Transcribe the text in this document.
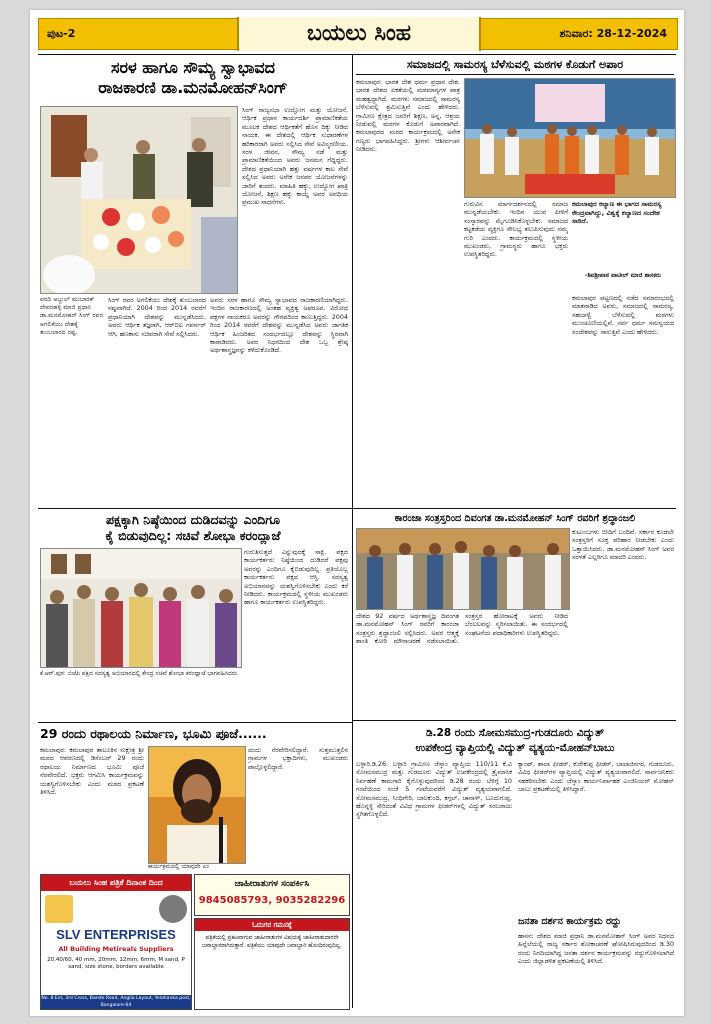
ಪುಟ-2	ಬಯಲು ಸಿಂಹ	ಶನಿವಾರ: 28-12-2024
ಸರಳ ಹಾಗೂ ಸೌಮ್ಯ ಸ್ವಾಭಾವದ
ರಾಜಕಾರಣಿ ಡಾ.ಮನಮೋಹನ್‌ಸಿಂಗ್
ಸಿಂಗ್ ರಾಜ್ಯಸಭಾ ಉದ್ಘೋಗ ಮತ್ತು ಯೋಜನೆ, ಆರ್ಥಿಕ ಪ್ರಧಾನ ಕಾರ್ಯದರ್ಶಿ ಪ್ರಾಮಾಣಿಕತೆಯ ಮೂಲಕ ದೇಶದ ಆರ್ಥಿಕತೆಗೆ ಹೊಸ ದಿಕ್ಕು ನೀಡಿದ ನಾಯಕ. ಈ ದೇಶದಲ್ಲಿ ಆರ್ಥಿಕ ಸುಧಾರಣೆಗಳ ಹರಿಕಾರರಾಗಿ ಅವರು ಸಲ್ಲಿಸಿದ ಸೇವೆ ಅವಿಸ್ಮರಣೀಯ. ಸರಳ ಜೀವನ, ಸೌಮ್ಯ ನಡೆ ಮತ್ತು ಪ್ರಾಮಾಣಿಕತೆಯಿಂದ ಅವರು ಜನಮನ ಗೆದ್ದಿದ್ದರು. ದೇಶದ ಪ್ರಧಾನಿಯಾಗಿ ಹತ್ತು ವರ್ಷಗಳ ಕಾಲ ಸೇವೆ ಸಲ್ಲಿಸಿದ ಅವರು ಅನೇಕ ಜನಪರ ಯೋಜನೆಗಳನ್ನು ಜಾರಿಗೆ ತಂದರು. ಮಾಹಿತಿ ಹಕ್ಕು, ಉದ್ಯೋಗ ಖಾತ್ರಿ ಯೋಜನೆ, ಶಿಕ್ಷಣ ಹಕ್ಕು ಕಾಯ್ದೆ ಅವರ ಅವಧಿಯ ಪ್ರಮುಖ ಸಾಧನೆಗಳು.
ವರದಿ ಅಬ್ದುಲ್ ಮುಬಾರಕ್ ದೇವರಹಳ್ಳಿ ಮಾಜಿ ಪ್ರಧಾನಿ ಡಾ.ಮನಮೋಹನ್ ಸಿಂಗ್ ರವರ ಅಗಲಿಕೆಯು ದೇಶಕ್ಕೆ ತುಂಬಲಾರದ ನಷ್ಟ.
ಸಿಂಗ್ ರವರ ಅಗಲಿಕೆಯು ದೇಶಕ್ಕೆ ತುಂಬಲಾರದ ನಷ್ಟವಾಗಿದೆ. 2004 ರಿಂದ 2014 ರವರೆಗೆ ಪ್ರಧಾನಿಯಾಗಿ ದೇಶವನ್ನು ಮುನ್ನಡೆಸಿದರು. ಅವರು ಆರ್ಥಿಕ ತಜ್ಞರಾಗಿ, ಆರ್‌ಬಿಐ ಗವರ್ನರ್ ಆಗಿ, ಹಣಕಾಸು ಸಚಿವರಾಗಿ ಸೇವೆ ಸಲ್ಲಿಸಿದರು.
ಅವರು ಸರಳ ಹಾಗೂ ಸೌಮ್ಯ ಸ್ವಾಭಾವದ ರಾಜಕಾರಣಿಯಾಗಿದ್ದರು. ಇಂದಿನ ರಾಜಕಾರಣದಲ್ಲಿ ಅಂತಹ ವ್ಯಕ್ತಿತ್ವ ಅಪರೂಪ. ವಿರೋಧ ಪಕ್ಷಗಳ ನಾಯಕರೂ ಅವರನ್ನು ಗೌರವದಿಂದ ಕಾಣುತ್ತಿದ್ದರು. 2004 ರಿಂದ 2014 ರವರೆಗೆ ದೇಶವನ್ನು ಮುನ್ನಡೆಸಿದ ಅವರು ಜಾಗತಿಕ ಆರ್ಥಿಕ ಹಿಂಜರಿತದ ಸಂದರ್ಭದಲ್ಲೂ ದೇಶವನ್ನು ಸ್ಥಿರವಾಗಿ ಕಾಪಾಡಿದರು. ಅವರ ನಿಧನದಿಂದ ದೇಶ ಒಬ್ಬ ಶ್ರೇಷ್ಠ ಅರ್ಥಶಾಸ್ತ್ರಜ್ಞನನ್ನು ಕಳೆದುಕೊಂಡಿದೆ.
ಸಮಾಜದಲ್ಲಿ ಸಾಮರಸ್ಯ ಬೆಳೆಸುವಲ್ಲಿ ಮಠಗಳ ಕೊಡುಗೆ ಅಪಾರ
ಕಮಲಾಪುರ: ಭಾರತ ದೇಶ ಧರ್ಮ ಪ್ರಧಾನ ದೇಶ. ಭಾರತ ದೇಶದ ಏಕತೆಯಲ್ಲಿ ಮಠಮಾನ್ಯಗಳ ಪಾತ್ರ ಮಹತ್ವದ್ದಾಗಿದೆ. ಮಠಗಳು ಸಮಾಜದಲ್ಲಿ ಸಾಮರಸ್ಯ ಬೆಳೆಸುವಲ್ಲಿ ಶ್ರಮಿಸುತ್ತಿವೆ ಎಂದು ಹೇಳಿದರು. ಗ್ರಾಮೀಣ ಕ್ಷೇತ್ರದ ಜನರಿಗೆ ಶಿಕ್ಷಣ, ಅನ್ನ, ಆಶ್ರಯ ನೀಡುವಲ್ಲಿ ಮಠಗಳ ಕೊಡುಗೆ ಅಪಾರವಾಗಿದೆ. ಕಮಲಾಪುರದ ಮಠದ ಕಾರ್ಯಕ್ರಮದಲ್ಲಿ ಅನೇಕ ಗಣ್ಯರು ಭಾಗವಹಿಸಿದ್ದರು. ಶ್ರೀಗಳು ಆಶೀರ್ವಚನ ನೀಡಿದರು.
ಗುರುವಿನ ಮಾರ್ಗದರ್ಶನದಲ್ಲಿ ಸಮಾಜ ಮುನ್ನಡೆಯಬೇಕು. ಇಂದಿನ ಯುವ ಪೀಳಿಗೆ ಸಂಸ್ಕಾರವನ್ನು ಮೈಗೂಡಿಸಿಕೊಳ್ಳಬೇಕು. ಸಮಾಜದ ಕಟ್ಟಕಡೆಯ ವ್ಯಕ್ತಿಗೂ ಸೌಲಭ್ಯ ತಲುಪಿಸುವುದು ನಮ್ಮ ಗುರಿ ಎಂದರು. ಕಾರ್ಯಕ್ರಮದಲ್ಲಿ ಸ್ಥಳೀಯ ಮುಖಂಡರು, ಗ್ರಾಮಸ್ಥರು ಹಾಗೂ ಭಕ್ತರು ಉಪಸ್ಥಿತರಿದ್ದರು.
ಕಮಲಾಪುರ ಕಲ್ಯಾಣ ಈ ಭಾಗದ ಸಾಮರಸ್ಯ ಕೇಂದ್ರವಾಗಿದ್ದು, ವಿಶ್ವಕ್ಕೆ ಕಲ್ಯಾಣದ ಸಂದೇಶ ಸಾರಿದೆ.
-ಶಿವಶ್ರೀಪಾಠ ಪಾಟೀಲ್ ಮಾಜಿ ಶಾಸಕರು
ಕಮಲಾಪುರ ಪಟ್ಟಣದಲ್ಲಿ ನಡೆದ ಸಮಾರಂಭದಲ್ಲಿ ಮಾತನಾಡಿದ ಅವರು, ಸಮಾಜದಲ್ಲಿ ಸಾಮರಸ್ಯ, ಸಹಬಾಳ್ವೆ ಬೆಳೆಸುವಲ್ಲಿ ಮಠಗಳು ಮುಂಚೂಣಿಯಲ್ಲಿವೆ. ಸರ್ವ ಧರ್ಮ ಸಮನ್ವಯದ ಸಂದೇಶವನ್ನು ಸಾರುತ್ತಿವೆ ಎಂದು ಹೇಳಿದರು.
ಪಕ್ಷಕ್ಕಾಗಿ ನಿಷ್ಠೆಯಿಂದ ದುಡಿದವನ್ನು ಎಂದಿಗೂ
ಕೈ ಬಿಡುವುದಿಲ್ಲ: ಸಚಿವೆ ಶೋಭಾ ಕರಂದ್ಲಾಜೆ
ಗುರುತಿಸುತ್ತದೆ ಎನ್ನುವುದಕ್ಕೆ ಸಾಕ್ಷಿ. ಪಕ್ಷದ ಕಾರ್ಯಕರ್ತರು ನಿಷ್ಠೆಯಿಂದ ದುಡಿದರೆ ಪಕ್ಷವು ಅವರನ್ನು ಎಂದಿಗೂ ಕೈಬಿಡುವುದಿಲ್ಲ. ಪ್ರತಿಯೊಬ್ಬ ಕಾರ್ಯಕರ್ತನು ಪಕ್ಷದ ಆಸ್ತಿ. ಸದಸ್ಯತ್ವ ಅಭಿಯಾನವನ್ನು ಯಶಸ್ವಿಗೊಳಿಸಬೇಕು ಎಂದು ಕರೆ ನೀಡಿದರು. ಕಾರ್ಯಕ್ರಮದಲ್ಲಿ ಸ್ಥಳೀಯ ಮುಖಂಡರು ಹಾಗೂ ಕಾರ್ಯಕರ್ತರು ಉಪಸ್ಥಿತರಿದ್ದರು.
ಕೆ.ಆರ್.ಪುರ: ಬಿಜೆಪಿ ಪಕ್ಷದ ಸದಸ್ಯತ್ವ ಅಭಿಯಾನದಲ್ಲಿ ಕೇಂದ್ರ ಸಚಿವೆ ಶೋಭಾ ಕರಂದ್ಲಾಜೆ ಭಾಗವಹಿಸಿದರು.
29 ರಂದು ರಥಾಲಯ ನಿರ್ಮಾಣ, ಭೂಮಿ ಪೂಜೆ......
ಕಮಲಾಪುರ: ಕಮಲಾಪುರ ತಾಲೂಕಿನ ಸುಕ್ಷೇತ್ರ ಶ್ರೀ ಮಠದ ಆವರಣದಲ್ಲಿ ಡಿಸೆಂಬರ್ 29 ರಂದು ರಥಾಲಯ ನಿರ್ಮಾಣದ ಭೂಮಿ ಪೂಜೆ ನೆರವೇರಲಿದೆ. ಭಕ್ತರು ಆಗಮಿಸಿ ಕಾರ್ಯಕ್ರಮವನ್ನು ಯಶಸ್ವಿಗೊಳಿಸಬೇಕು ಎಂದು ಮಠದ ಪ್ರಕಟಣೆ ತಿಳಿಸಿದೆ.
ದಂದು ನೆರವೇರಿಸಲಿದ್ದಾರೆ. ಸುತ್ತಮುತ್ತಲಿನ ಗ್ರಾಮಗಳ ಭಕ್ತಾದಿಗಳು, ಮುಖಂಡರು ಪಾಲ್ಗೊಳ್ಳಲಿದ್ದಾರೆ.
ಕಾರ್ಯಕ್ರಮದಲ್ಲಿ ಯಾವುದೇ ಎಂ
ಬಯಲು ಸಿಂಹ ಪತ್ರಿಕೆ ದಿನಾಂಕ ದಿಂದ
SLV ENTERPRISES
All Building Metireals Suppliers
20,40/60, 40 mm, 20mm, 12mm, 6mm, M sand, P sand, size stone, borders available
No. 8 Ext, 3rd Cross, Bande Road, Anglia Layout, Yelahanka post, Bangalore-64
ಜಾಹೀರಾತುಗಳ ಸಂಪರ್ಕಿಸಿ
9845085793, 9035282296
ಓದುಗರ ಗಮನಕ್ಕೆ
ಪತ್ರಿಕೆಯಲ್ಲಿ ಪ್ರಕಟವಾಗುವ ಜಾಹೀರಾತುಗಳ ವಿಷಯಕ್ಕೆ ಜಾಹೀರಾತುದಾರರೇ ಜವಾಬ್ದಾರರಾಗಿರುತ್ತಾರೆ. ಪತ್ರಿಕೆಯು ಯಾವುದೇ ಜವಾಬ್ದಾರಿ ಹೊಂದಿರುವುದಿಲ್ಲ.
ಕಾರಂಜಾ ಸಂತ್ರಸ್ತರಿಂದ ದಿವಂಗತ ಡಾ.ಮನಮೋಹನ್ ಸಿಂಗ್ ರವರಿಗೆ ಶ್ರದ್ಧಾಂಜಲಿ
ದೇಶದ 92 ವರ್ಷದ ಅರ್ಥಶಾಸ್ತ್ರಜ್ಞ ದಿವಂಗತ ಡಾ.ಮನಮೋಹನ್ ಸಿಂಗ್ ರವರಿಗೆ ಕಾರಂಜಾ ಸಂತ್ರಸ್ತರು ಶ್ರದ್ಧಾಂಜಲಿ ಸಲ್ಲಿಸಿದರು. ಅವರ ಆತ್ಮಕ್ಕೆ ಶಾಂತಿ ಕೋರಿ ಮೌನಾಚರಣೆ ನಡೆಸಲಾಯಿತು. ಸಂತ್ರಸ್ತರ ಹೋರಾಟಕ್ಕೆ ಅವರು ನೀಡಿದ ಬೆಂಬಲವನ್ನು ಸ್ಮರಿಸಲಾಯಿತು. ಈ ಸಂದರ್ಭದಲ್ಲಿ ಸಂಘಟನೆಯ ಪದಾಧಿಕಾರಿಗಳು ಉಪಸ್ಥಿತರಿದ್ದರು.
ಕುಟುಂಬಗಳು ಬೀದಿಗೆ ಬಂದಿವೆ. ಸರ್ಕಾರ ಕೂಡಲೇ ಸಂತ್ರಸ್ತರಿಗೆ ಸೂಕ್ತ ಪರಿಹಾರ ನೀಡಬೇಕು ಎಂದು ಒತ್ತಾಯಿಸಿದರು. ಡಾ.ಮನಮೋಹನ್ ಸಿಂಗ್ ಅವರ ಸರಳತೆ ಎಲ್ಲರಿಗೂ ಮಾದರಿ ಎಂದರು.
ಡಿ.28 ರಂದು ಸೋಮಸಮುದ್ರ-ಗುಡದೂರು ವಿದ್ಯುತ್
ಉಪಕೇಂದ್ರ ವ್ಯಾಪ್ತಿಯಲ್ಲಿ ವಿದ್ಯುತ್ ವ್ಯತ್ಯಯ-ಮೋಹನ್‌ಬಾಬು
ಬಳ್ಳಾರಿ.ಡಿ.26: ಬಳ್ಳಾರಿ ಗ್ರಾಮೀಣ ಜೆಸ್ಕಾಂ ವ್ಯಾಪ್ತಿಯ 110/11 ಕೆ.ವಿ ಸೋಮಸಮುದ್ರ ಮತ್ತು ಗುಡದೂರು ವಿದ್ಯುತ್ ಉಪಕೇಂದ್ರದಲ್ಲಿ ತ್ರೈಮಾಸಿಕ ನಿರ್ವಹಣೆ ಕಾಮಗಾರಿ ಕೈಗೊಳ್ಳುವುದರಿಂದ ಡಿ.28 ರಂದು ಬೆಳಿಗ್ಗೆ 10 ಗಂಟೆಯಿಂದ ಸಂಜೆ 5 ಗಂಟೆಯವರೆಗೆ ವಿದ್ಯುತ್ ವ್ಯತ್ಯಯವಾಗಲಿದೆ. ಸೋಮಸಮುದ್ರ, ಸಿಂಧಿಗೇರಿ, ಬಾಲಕುಂದಿ, ಕಗ್ಗಲ್, ಚಾನಾಳ್, ಬೂದುಗುಪ್ಪ, ಹೊನ್ನಳ್ಳಿ ಸೇರಿದಂತೆ ವಿವಿಧ ಗ್ರಾಮಗಳ ಫೀಡರ್‌ಗಳಲ್ಲಿ ವಿದ್ಯುತ್ ಸರಬರಾಜು ಸ್ಥಗಿತಗೊಳ್ಳಲಿದೆ.
ಕ್ಯಾಂಪ್, ಶಾಲಾ ಫೀಡರ್, ಕುರೇಕುಪ್ಪ ಫೀಡರ್, ಬಾಲಾಜಿನಗರ, ಗುಡದೂರು, ವಿವಿಧ ಫೀಡರ್‌ಗಳ ವ್ಯಾಪ್ತಿಯಲ್ಲಿ ವಿದ್ಯುತ್ ವ್ಯತ್ಯಯವಾಗಲಿದೆ. ಸಾರ್ವಜನಿಕರು ಸಹಕರಿಸಬೇಕು ಎಂದು ಜೆಸ್ಕಾಂ ಕಾರ್ಯನಿರ್ವಾಹಕ ಎಂಜಿನಿಯರ್ ಮೋಹನ್ ಬಾಬು ಪ್ರಕಟಣೆಯಲ್ಲಿ ತಿಳಿಸಿದ್ದಾರೆ.
ಜನತಾ ದರ್ಶನ ಕಾರ್ಯಕ್ರಮ ರದ್ದು
ಹಾಸನ: ದೇಶದ ಮಾಜಿ ಪ್ರಧಾನಿ ಡಾ.ಮನಮೋಹನ್ ಸಿಂಗ್ ಅವರ ನಿಧನದ ಹಿನ್ನೆಲೆಯಲ್ಲಿ ರಾಜ್ಯ ಸರ್ಕಾರ ಶೋಕಾಚರಣೆ ಘೋಷಿಸಿರುವುದರಿಂದ ಡಿ.30 ರಂದು ನಿಗದಿಯಾಗಿದ್ದ ಜನತಾ ದರ್ಶನ ಕಾರ್ಯಕ್ರಮವನ್ನು ರದ್ದುಗೊಳಿಸಲಾಗಿದೆ ಎಂದು ಜಿಲ್ಲಾಡಳಿತ ಪ್ರಕಟಣೆಯಲ್ಲಿ ತಿಳಿಸಿದೆ.
